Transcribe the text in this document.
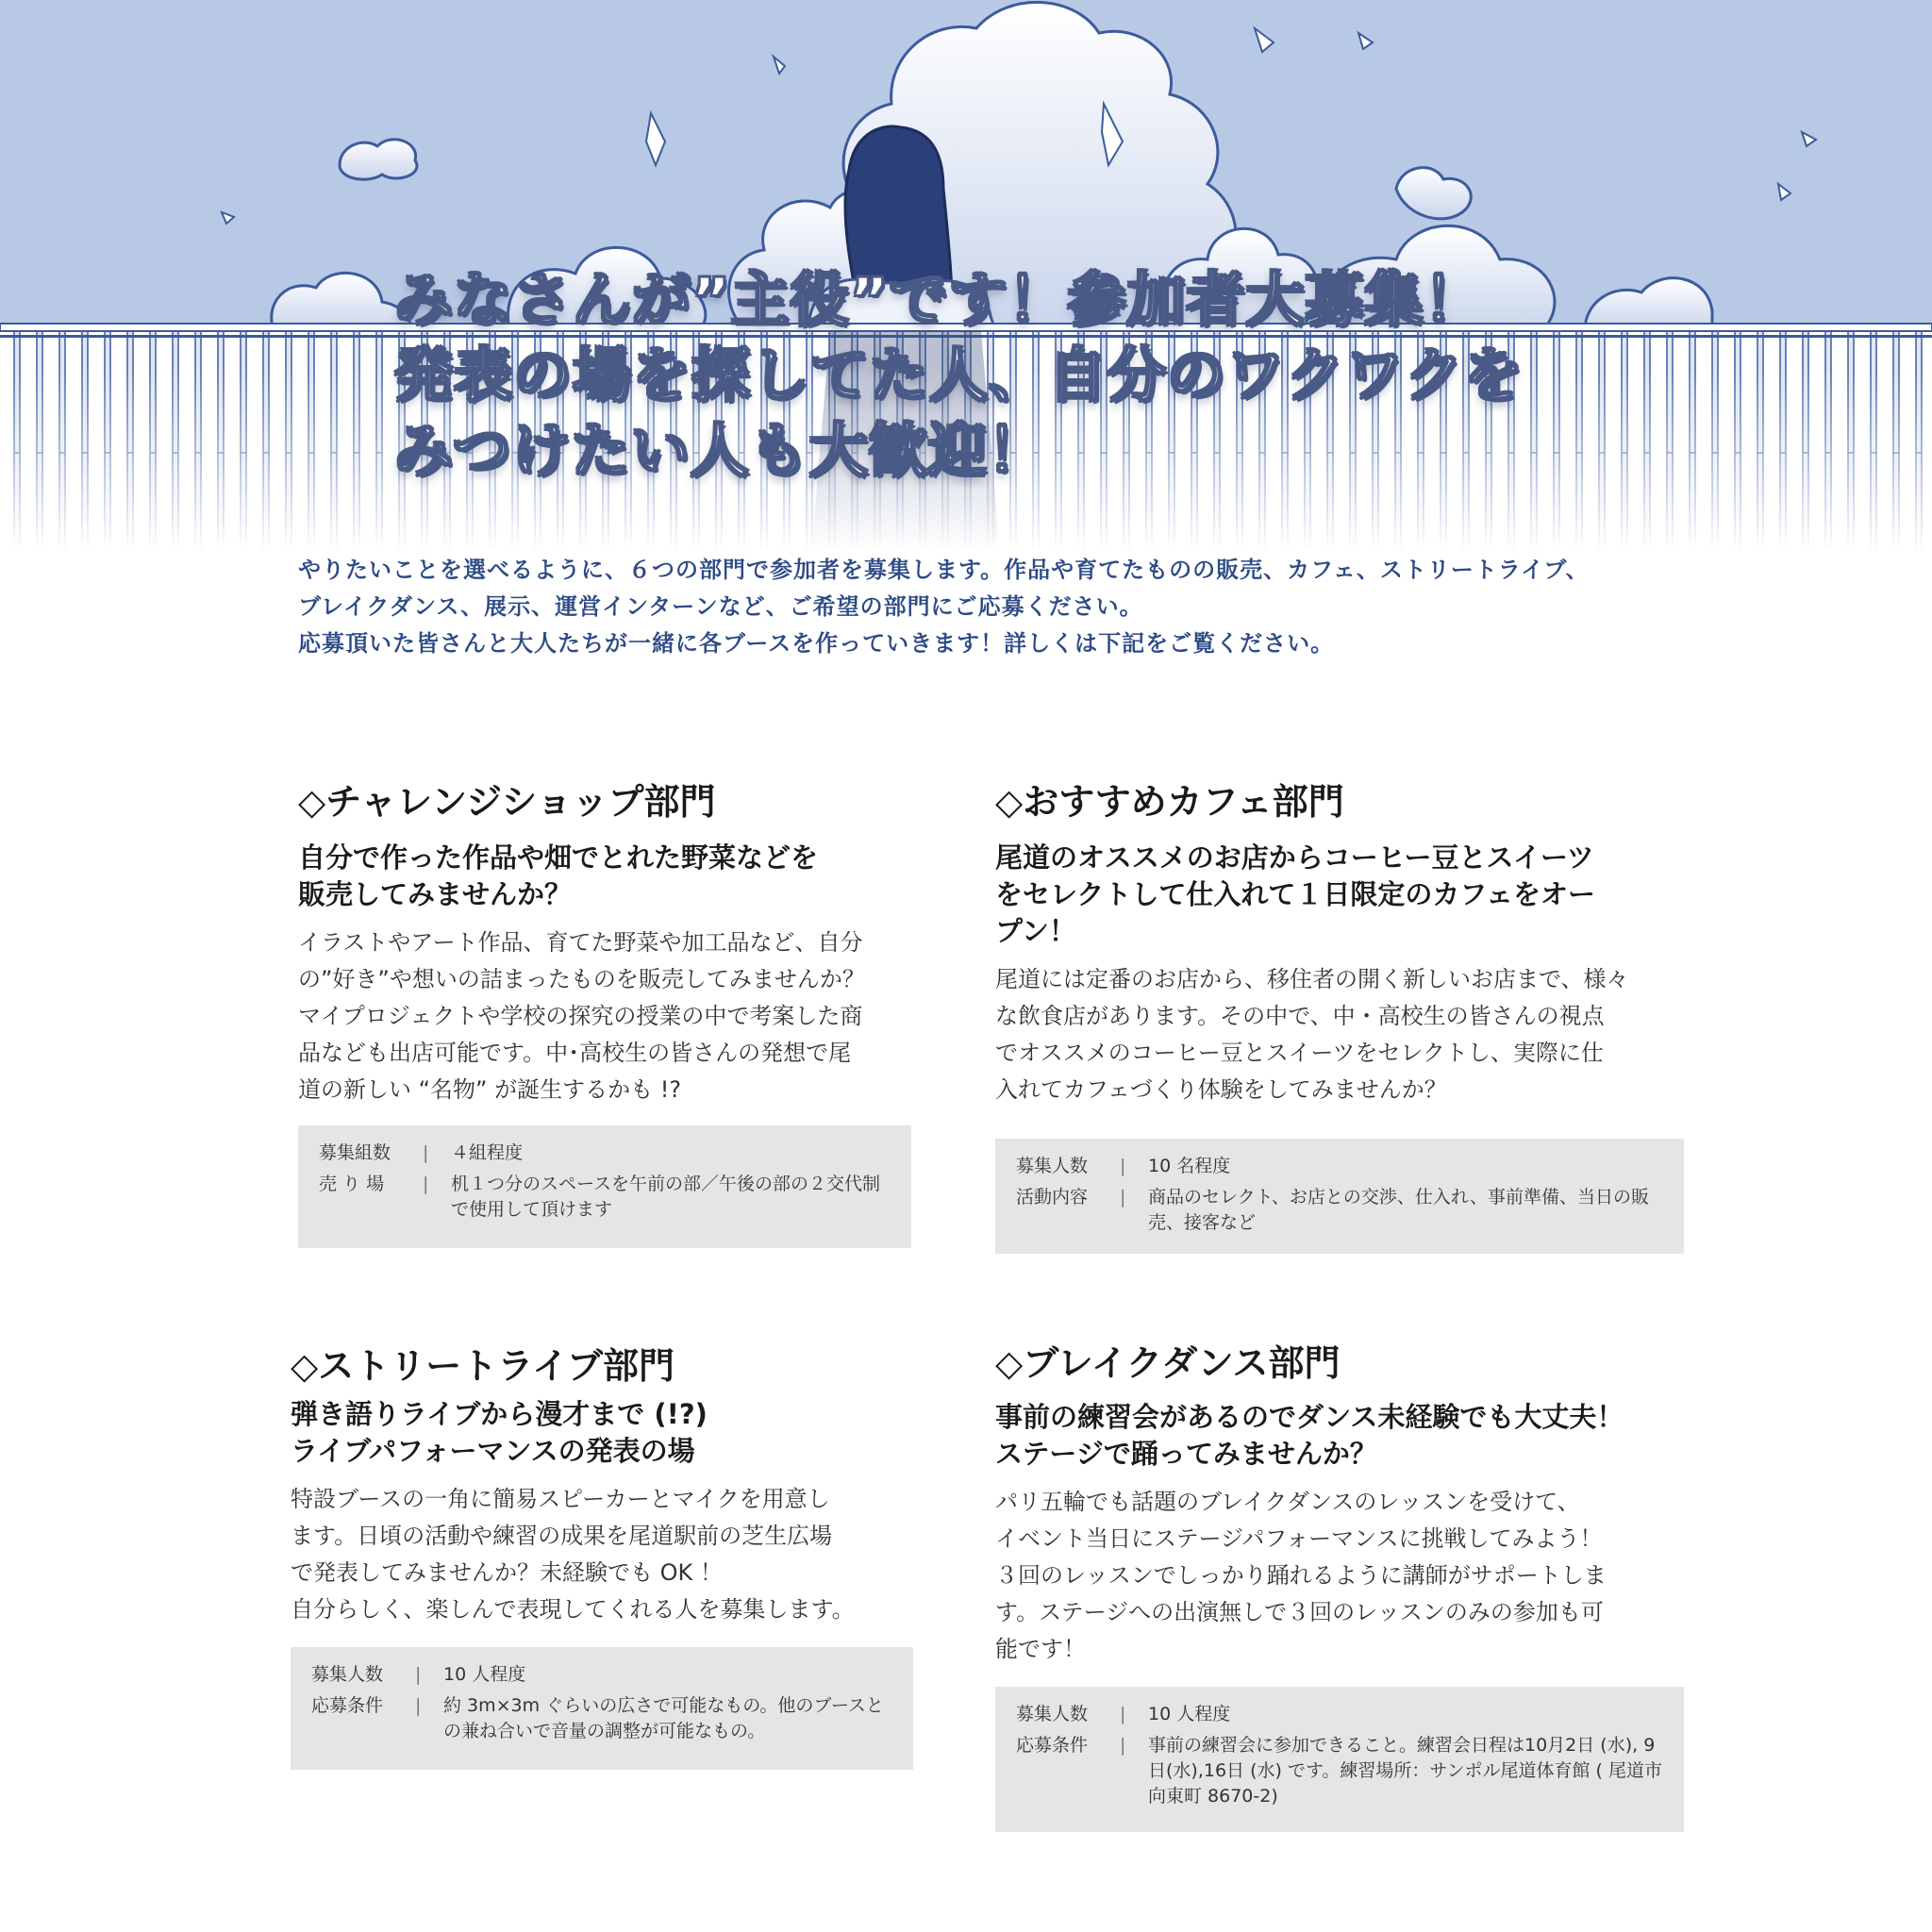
みなさんが”主役”です！参加者大募集！
発表の場を探してた人、自分のワクワクを
みつけたい人も大歓迎！

やりたいことを選べるように、６つの部門で参加者を募集します。作品や育てたものの販売、カフェ、ストリートライブ、

ブレイクダンス、展示、運営インターンなど、ご希望の部門にご応募ください。

応募頂いた皆さんと大人たちが一緒に各ブースを作っていきます！詳しくは下記をご覧ください。

◇チャレンジショップ部門

自分で作った作品や畑でとれた野菜などを

販売してみませんか？

イラストやアート作品、育てた野菜や加工品など、自分

の”好き”や想いの詰まったものを販売してみませんか？

マイプロジェクトや学校の探究の授業の中で考案した商

品なども出店可能です。中･高校生の皆さんの発想で尾

道の新しい “名物” が誕生するかも !?

募集組数	|	４組程度
売 り 場	|	机１つ分のスペースを午前の部／午後の部の２交代制で使用して頂けます
◇おすすめカフェ部門

尾道のオススメのお店からコーヒー豆とスイーツ

をセレクトして仕入れて１日限定のカフェをオー

プン！

尾道には定番のお店から、移住者の開く新しいお店まで、様々

な飲食店があります。その中で、中・高校生の皆さんの視点

でオススメのコーヒー豆とスイーツをセレクトし、実際に仕

入れてカフェづくり体験をしてみませんか？

募集人数	|	10 名程度
活動内容	|	商品のセレクト、お店との交渉、仕入れ、事前準備、当日の販売、接客など
◇ストリートライブ部門

弾き語りライブから漫才まで (!?)

ライブパフォーマンスの発表の場

特設ブースの一角に簡易スピーカーとマイクを用意し

ます。日頃の活動や練習の成果を尾道駅前の芝生広場

で発表してみませんか？未経験でも OK ！

自分らしく、楽しんで表現してくれる人を募集します。

募集人数	|	10 人程度
応募条件	|	約 3m×3m ぐらいの広さで可能なもの。他のブースとの兼ね合いで音量の調整が可能なもの。
◇ブレイクダンス部門

事前の練習会があるのでダンス未経験でも大丈夫！

ステージで踊ってみませんか？

パリ五輪でも話題のブレイクダンスのレッスンを受けて、

イベント当日にステージパフォーマンスに挑戦してみよう！

３回のレッスンでしっかり踊れるように講師がサポートしま

す。ステージへの出演無しで３回のレッスンのみの参加も可

能です！

募集人数	|	10 人程度
応募条件	|	事前の練習会に参加できること。練習会日程は10月2日 (水), 9日(水),16日 (水) です。練習場所：サンポル尾道体育館 ( 尾道市向東町 8670-2)
